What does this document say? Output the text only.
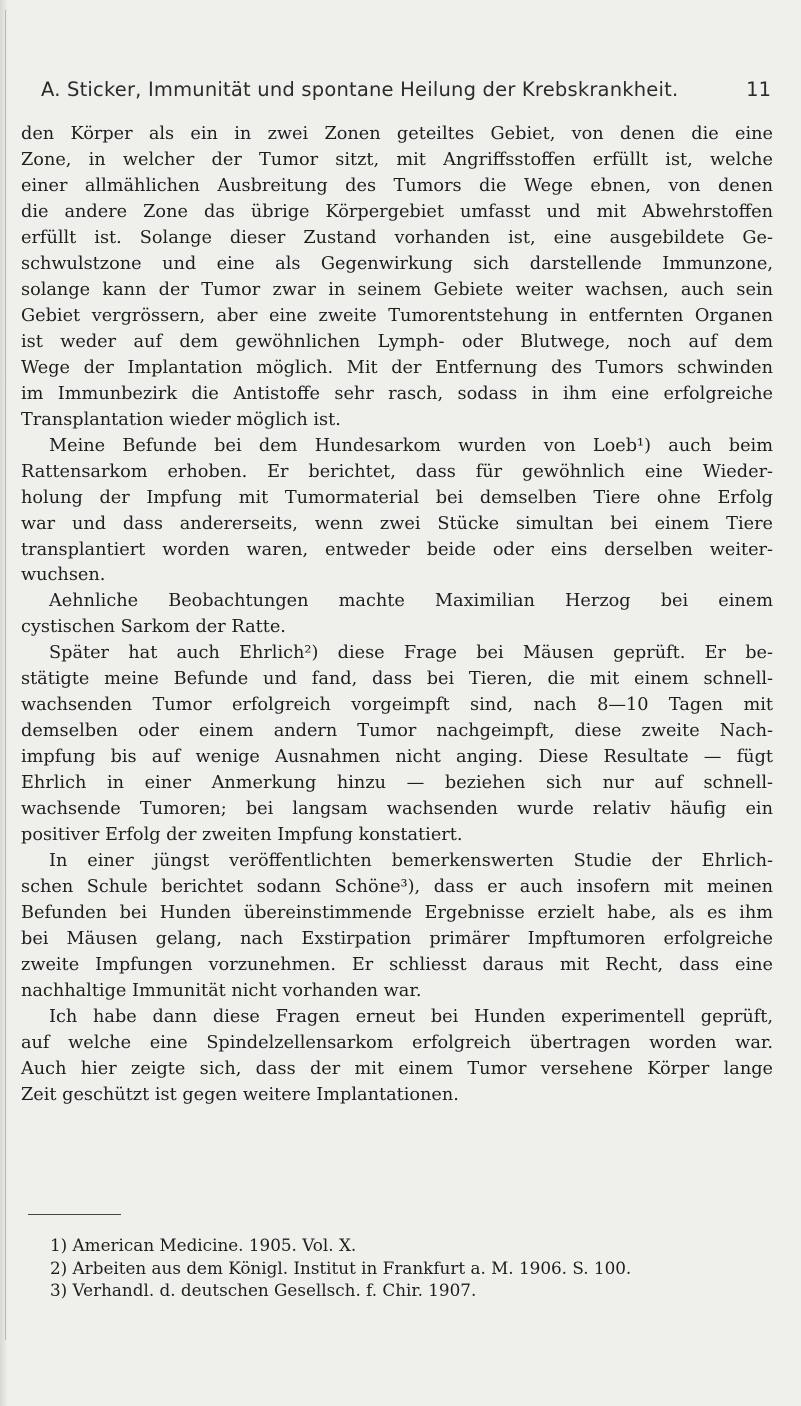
A. Sticker, Immunität und spontane Heilung der Krebskrankheit.	11
den Körper als ein in zwei Zonen geteiltes Gebiet, von denen die eine
Zone, in welcher der Tumor sitzt, mit Angriffsstoffen erfüllt ist, welche
einer allmählichen Ausbreitung des Tumors die Wege ebnen, von denen
die andere Zone das übrige Körpergebiet umfasst und mit Abwehrstoffen
erfüllt ist. Solange dieser Zustand vorhanden ist, eine ausgebildete Ge-
schwulstzone und eine als Gegenwirkung sich darstellende Immunzone,
solange kann der Tumor zwar in seinem Gebiete weiter wachsen, auch sein
Gebiet vergrössern, aber eine zweite Tumorentstehung in entfernten Organen
ist weder auf dem gewöhnlichen Lymph- oder Blutwege, noch auf dem
Wege der Implantation möglich. Mit der Entfernung des Tumors schwinden
im Immunbezirk die Antistoffe sehr rasch, sodass in ihm eine erfolgreiche
Transplantation wieder möglich ist.
Meine Befunde bei dem Hundesarkom wurden von Loeb¹) auch beim
Rattensarkom erhoben. Er berichtet, dass für gewöhnlich eine Wieder-
holung der Impfung mit Tumormaterial bei demselben Tiere ohne Erfolg
war und dass andererseits, wenn zwei Stücke simultan bei einem Tiere
transplantiert worden waren, entweder beide oder eins derselben weiter-
wuchsen.
Aehnliche Beobachtungen machte Maximilian Herzog bei einem
cystischen Sarkom der Ratte.
Später hat auch Ehrlich²) diese Frage bei Mäusen geprüft. Er be-
stätigte meine Befunde und fand, dass bei Tieren, die mit einem schnell-
wachsenden Tumor erfolgreich vorgeimpft sind, nach 8—10 Tagen mit
demselben oder einem andern Tumor nachgeimpft, diese zweite Nach-
impfung bis auf wenige Ausnahmen nicht anging. Diese Resultate — fügt
Ehrlich in einer Anmerkung hinzu — beziehen sich nur auf schnell-
wachsende Tumoren; bei langsam wachsenden wurde relativ häufig ein
positiver Erfolg der zweiten Impfung konstatiert.
In einer jüngst veröffentlichten bemerkenswerten Studie der Ehrlich-
schen Schule berichtet sodann Schöne³), dass er auch insofern mit meinen
Befunden bei Hunden übereinstimmende Ergebnisse erzielt habe, als es ihm
bei Mäusen gelang, nach Exstirpation primärer Impftumoren erfolgreiche
zweite Impfungen vorzunehmen. Er schliesst daraus mit Recht, dass eine
nachhaltige Immunität nicht vorhanden war.
Ich habe dann diese Fragen erneut bei Hunden experimentell geprüft,
auf welche eine Spindelzellensarkom erfolgreich übertragen worden war.
Auch hier zeigte sich, dass der mit einem Tumor versehene Körper lange
Zeit geschützt ist gegen weitere Implantationen.
1) American Medicine. 1905. Vol. X.
2) Arbeiten aus dem Königl. Institut in Frankfurt a. M. 1906. S. 100.
3) Verhandl. d. deutschen Gesellsch. f. Chir. 1907.
